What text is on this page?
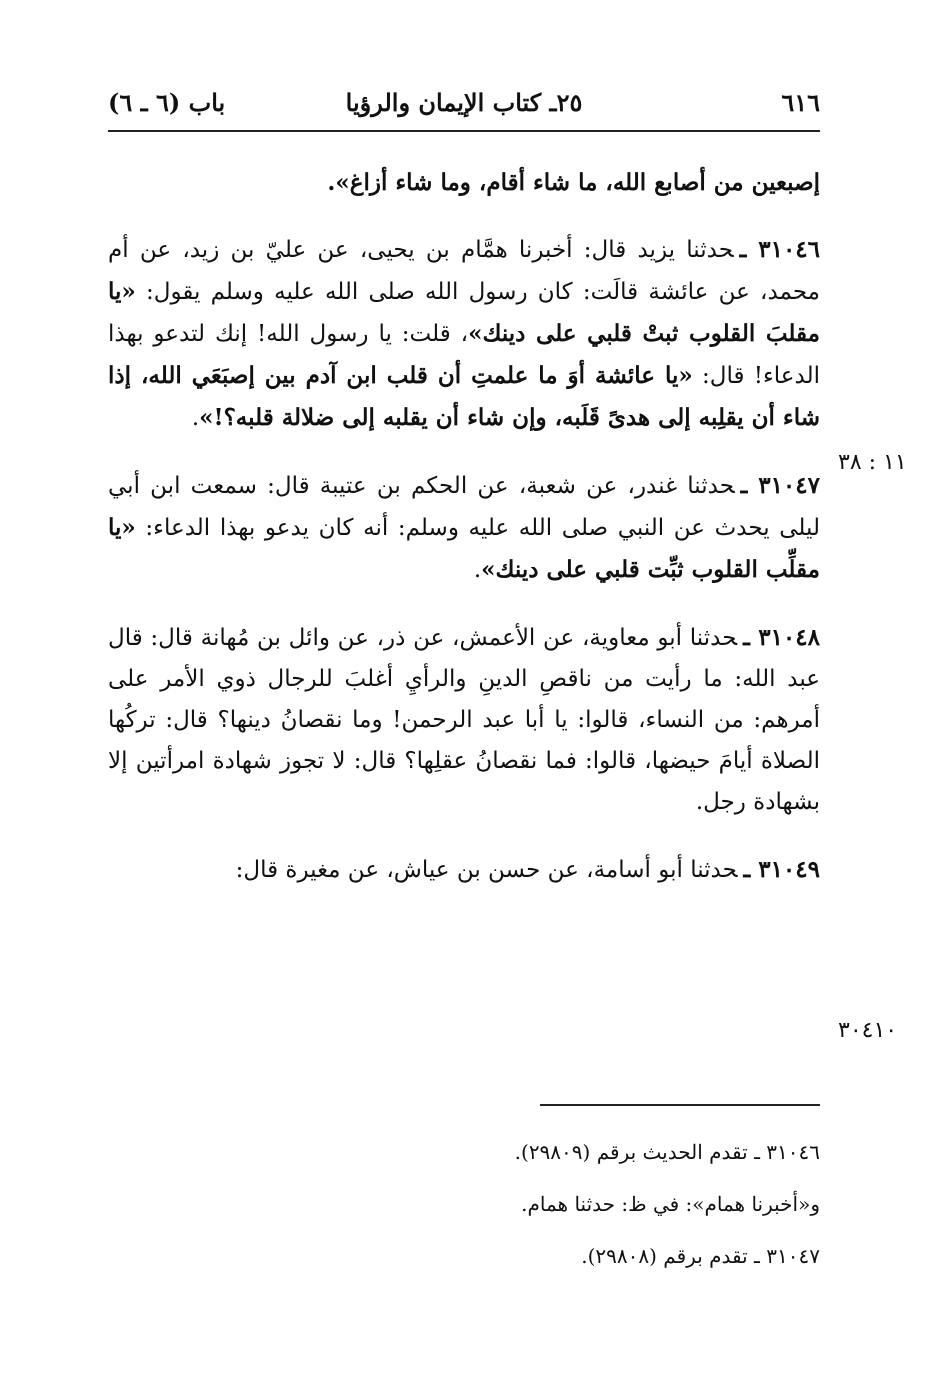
٦١٦
٢٥ـ كتاب الإيمان والرؤيا
باب (٦ ـ ٦)

إصبعين من أصابع الله، ما شاء أقام، وما شاء أزاغ».

٣١٠٤٦ ـحدثنا يزيد قال: أخبرنا همَّام بن يحيى، عن عليّ بن زيد، عن أم محمد، عن عائشة قالَت: كان رسول الله صلى الله عليه وسلم يقول: «يا مقلبَ القلوب ثبتْ قلبي على دينك»، قلت: يا رسول الله! إنك لتدعو بهذا الدعاء! قال: «يا عائشة أوَ ما علمتِ أن قلب ابن آدم بين إصبَعَي الله، إذا شاء أن يقلِبه إلى هدىً قَلَبه، وإن شاء أن يقلبه إلى ضلالة قلبه؟!».

٣١٠٤٧ ـحدثنا غندر، عن شعبة، عن الحكم بن عتيبة قال: سمعت ابن أبي ليلى يحدث عن النبي صلى الله عليه وسلم: أنه كان يدعو بهذا الدعاء: «يا مقلِّب القلوب ثبِّت قلبي على دينك».

٣١٠٤٨ ـحدثنا أبو معاوية، عن الأعمش، عن ذر، عن وائل بن مُهانة قال: قال عبد الله: ما رأيت من ناقصِ الدينِ والرأيِ أغلبَ للرجال ذوي الأمر على أمرهم: من النساء، قالوا: يا أبا عبد الرحمن! وما نقصانُ دينها؟ قال: تركُها الصلاة أيامَ حيضها، قالوا: فما نقصانُ عقلِها؟ قال: لا تجوز شهادة امرأتين إلا بشهادة رجل.

٣١٠٤٩ ـحدثنا أبو أسامة، عن حسن بن عياش، عن مغيرة قال:

١١ : ٣٨
٣٠٤١٠

٣١٠٤٦ ـ تقدم الحديث برقم (٢٩٨٠٩).

و«أخبرنا همام»: في ظ: حدثنا همام.

٣١٠٤٧ ـ تقدم برقم (٢٩٨٠٨).
